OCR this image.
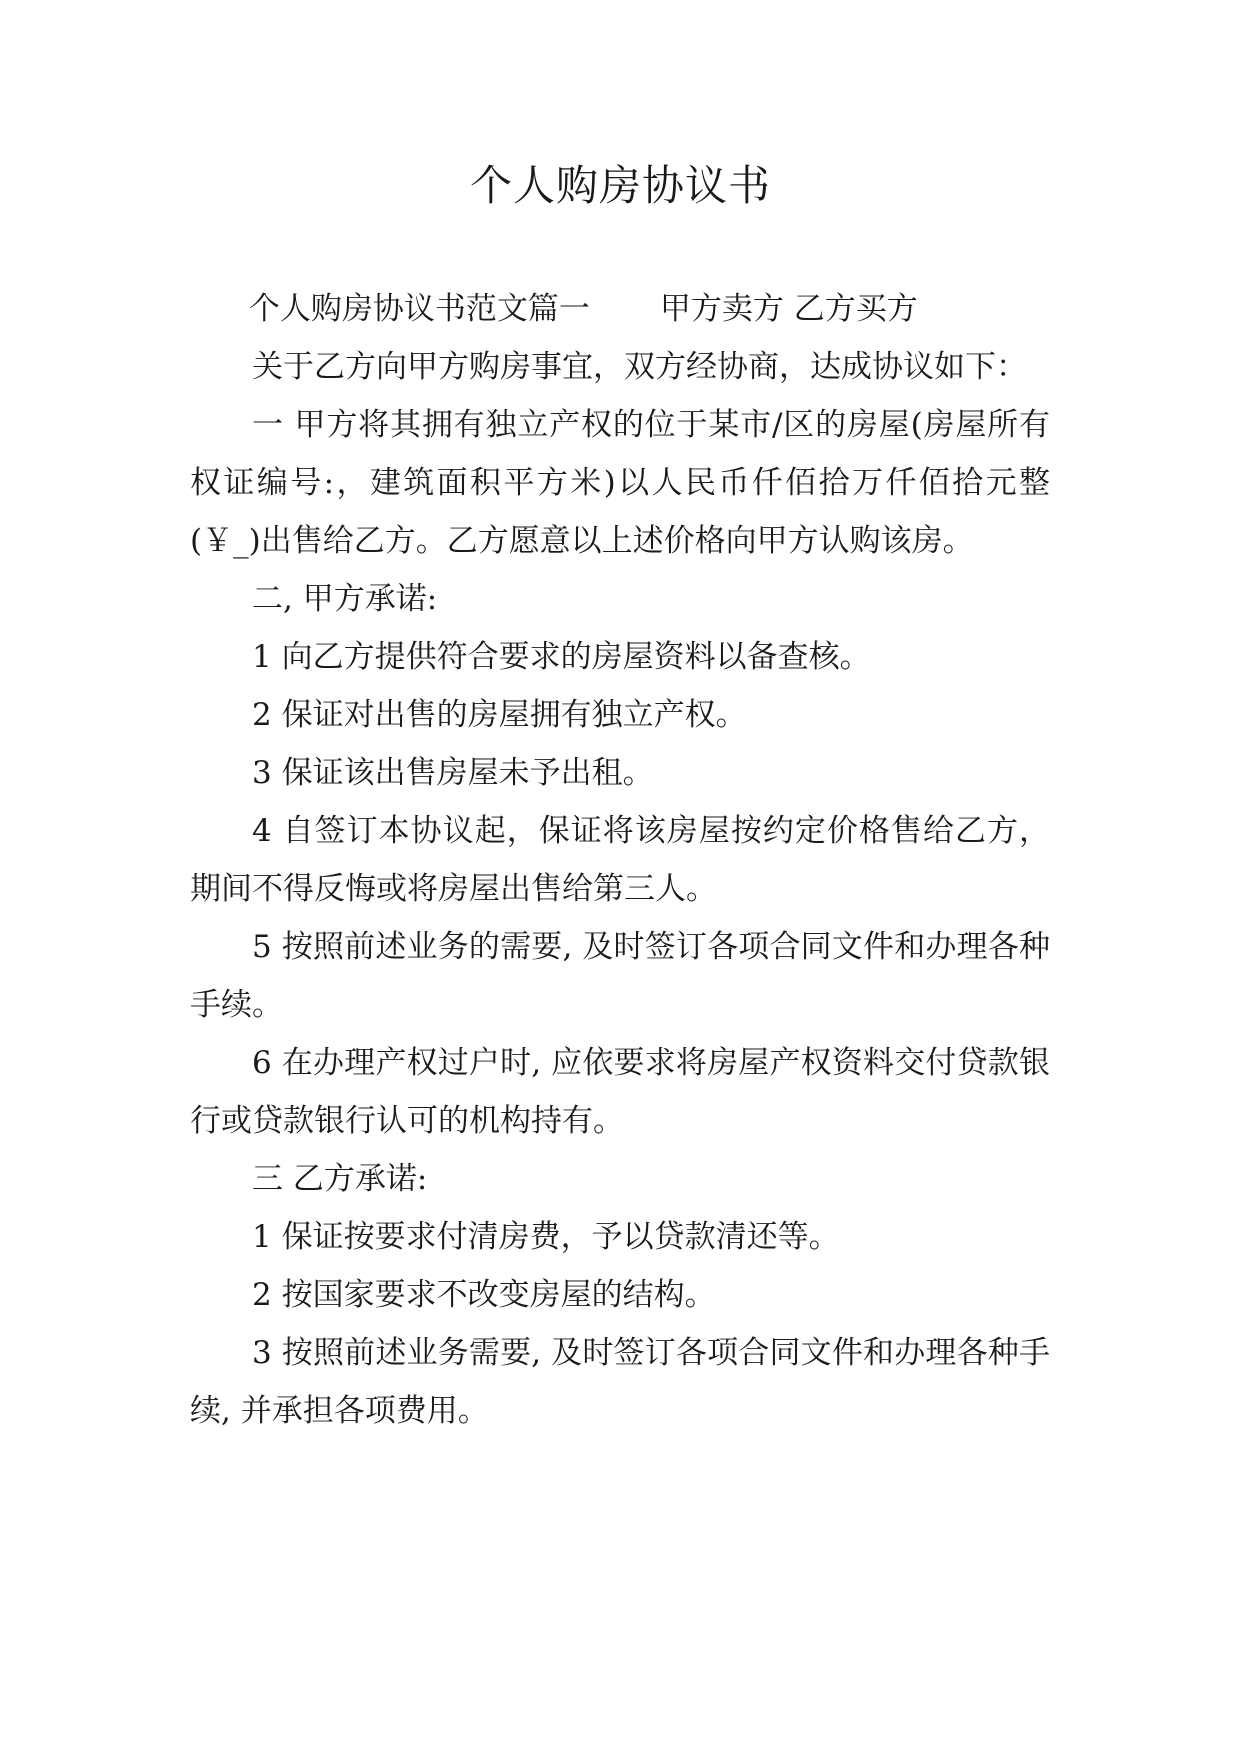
个人购房协议书

个人购房协议书范文篇一 甲方卖方 乙方买方

关于乙方向甲方购房事宜，双方经协商，达成协议如下：

一 甲方将其拥有独立产权的位于某市/区的房屋(房屋所有权证编号:，建筑面积平方米)以人民币仟佰拾万仟佰拾元整(￥_)出售给乙方。乙方愿意以上述价格向甲方认购该房。

二, 甲方承诺:

1 向乙方提供符合要求的房屋资料以备查核。

2 保证对出售的房屋拥有独立产权。

3 保证该出售房屋未予出租。

4 自签订本协议起，保证将该房屋按约定价格售给乙方，期间不得反悔或将房屋出售给第三人。

5 按照前述业务的需要, 及时签订各项合同文件和办理各种手续。

6 在办理产权过户时, 应依要求将房屋产权资料交付贷款银行或贷款银行认可的机构持有。

三 乙方承诺:

1 保证按要求付清房费，予以贷款清还等。

2 按国家要求不改变房屋的结构。

3 按照前述业务需要, 及时签订各项合同文件和办理各种手续, 并承担各项费用。
